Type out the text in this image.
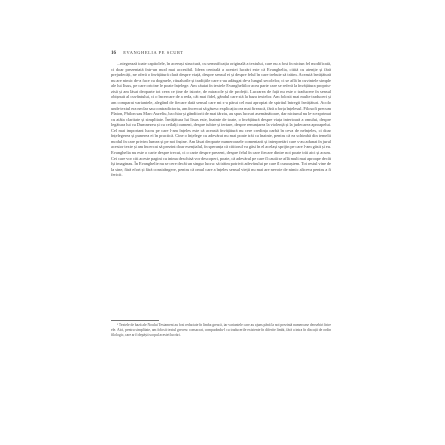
16 EVANGHELIA PE SCURT

...ntegrează toate capitolele, în aceeași structură, cu semnificația originală a textului, care nu a fost în niciun fel modificată, ci doar prezentată într-un mod mai accesibil. Ideea centrală a acestei lucrări este că Evanghelia, citită cu atenție și fără prejudecăți, ne oferă o învățătură clară despre viață, despre sensul ei și despre felul în care trebuie să trăim. Această învățătură nu are nimic de-a face cu dogmele, ritualurile și tradițiile care s-au adăugat de-a lungul secolelor, ci se află în cuvintele simple ale lui Iisus, pe care oricine le poate înțelege. Am căutat în textele Evangheliilor acea parte care se referă la învățătura propriu-zisă și am lăsat deoparte tot ceea ce ține de istorie, de miracole și de profeții. Lucrarea de față nu este o traducere în sensul obișnuit al cuvântului, ci o încercare de a reda, cât mai fidel, gândul care stă la baza textelor. Am folosit mai multe traduceri și am comparat variantele, alegând de fiecare dată sensul care mi s-a părut cel mai apropiat de spiritul întregii învățături. Acolo unde textul era neclar sau contradictoriu, am încercat să găsesc explicația cea mai firească, fără a forța înțelesul. Filosofi precum Platon, Philon sau Marc Aureliu, ba chiar și gânditorii de mai târziu, au spus lucruri asemănătoare, dar niciunul nu le-a exprimat cu atâta claritate și simplitate. Învățătura lui Iisus este, înainte de toate, o învățătură despre viața interioară a omului, despre legătura lui cu Dumnezeu și cu ceilalți oameni, despre iubire și iertare, despre renunțarea la violență și la judecarea aproapelui. Cel mai important lucru pe care l-am înțeles este că această învățătură nu cere credința oarbă în ceva de neînțeles, ci doar înțelegerea și punerea ei în practică. Cine o înțelege cu adevărat nu mai poate trăi ca înainte, pentru că ea schimbă din temelii modul în care privim lumea și pe noi înșine. Am lăsat deoparte numeroasele comentarii și interpretări care s-au adunat în jurul acestor texte și am încercat să prezint doar esențialul, în speranța că cititorul va găsi în el același sprijin pe care l-am găsit și eu. Evanghelia nu este o carte despre trecut, ci o carte despre prezent, despre felul în care fiecare dintre noi poate trăi aici și acum. Cei care vor citi aceste pagini cu inima deschisă vor descoperi, poate, că adevărul pe care îl caută se află mult mai aproape decât își imaginau. În Evanghelie nu se cere decât un singur lucru: să trăim potrivit adevărului pe care îl cunoaștem. Tot restul vine de la sine, fără efort și fără constrângere, pentru că omul care a înțeles sensul vieții nu mai are nevoie de nimic altceva pentru a fi fericit.

¹ Textele de bază ale Noului Testament au fost redactate în limba greacă, iar variantele care au ajuns până la noi prezintă numeroase deosebiri între ele. Aici, pentru simplitate, am folosit textul grecesc consacrat, comparându-l cu traducerile existente în diferite limbi, fără a intra în discuții de ordin filologic, care ar fi depășit scopul acestei lucrări.
